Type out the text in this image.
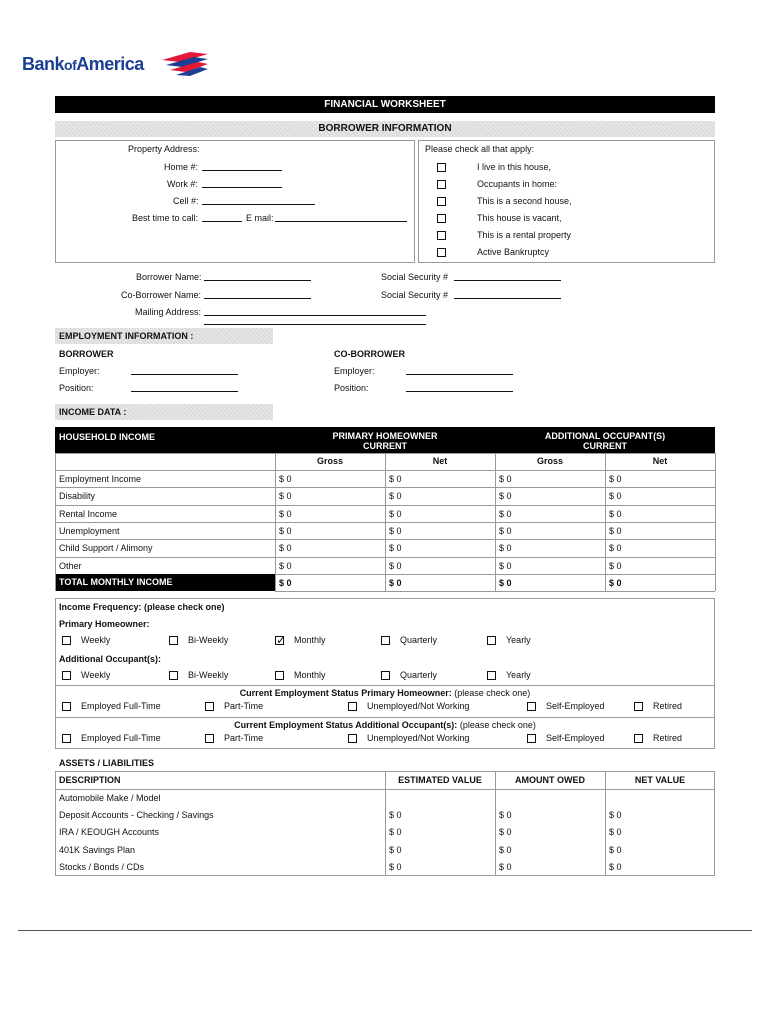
BankofAmerica
FINANCIAL WORKSHEET
BORROWER INFORMATION
Property Address:
Home #:
Work #:
Cell #:
Best time to call:	E mail:
Please check all that apply:
Borrower Name:
Co-Borrower Name:
Social Security #
Social Security #
Mailing Address:
EMPLOYMENT INFORMATION :
BORROWER	CO-BORROWER
Employer:
Position:
Employer:
Position:
INCOME DATA :
HOUSEHOLD INCOME	PRIMARY HOMEOWNER
CURRENT
ADDITIONAL OCCUPANT(S)
CURRENT
Gross	Net	Gross	Net
Income Frequency: (please check one)
Primary Homeowner:
Additional Occupant(s):
Current Employment Status Primary Homeowner: (please check one)
Current Employment Status Additional Occupant(s): (please check one)
ASSETS / LIABILITIES
DESCRIPTION	ESTIMATED VALUE	AMOUNT OWED	NET VALUE
I live in this house,
Occupants in home:
This is a second house,
This house is vacant,
This is a rental property
Active Bankruptcy
Employment Income	$ 0	$ 0	$ 0	$ 0
Disability	$ 0	$ 0	$ 0	$ 0
Rental Income	$ 0	$ 0	$ 0	$ 0
Unemployment	$ 0	$ 0	$ 0	$ 0
Child Support / Alimony	$ 0	$ 0	$ 0	$ 0
Other	$ 0	$ 0	$ 0	$ 0
TOTAL MONTHLY INCOME	$ 0	$ 0	$ 0	$ 0
Weekly	Bi-Weekly ✓	Monthly	Quarterly	Yearly
Weekly	Bi-Weekly	Monthly	Quarterly	Yearly
Employed Full-Time	Part-Time	Unemployed/Not Working	Self-Employed	Retired
Employed Full-Time	Part-Time	Unemployed/Not Working	Self-Employed	Retired
Automobile Make / Model
Deposit Accounts - Checking / Savings	$ 0	$ 0	$ 0
IRA / KEOUGH Accounts	$ 0	$ 0	$ 0
401K Savings Plan	$ 0	$ 0	$ 0
Stocks / Bonds / CDs	$ 0	$ 0	$ 0
